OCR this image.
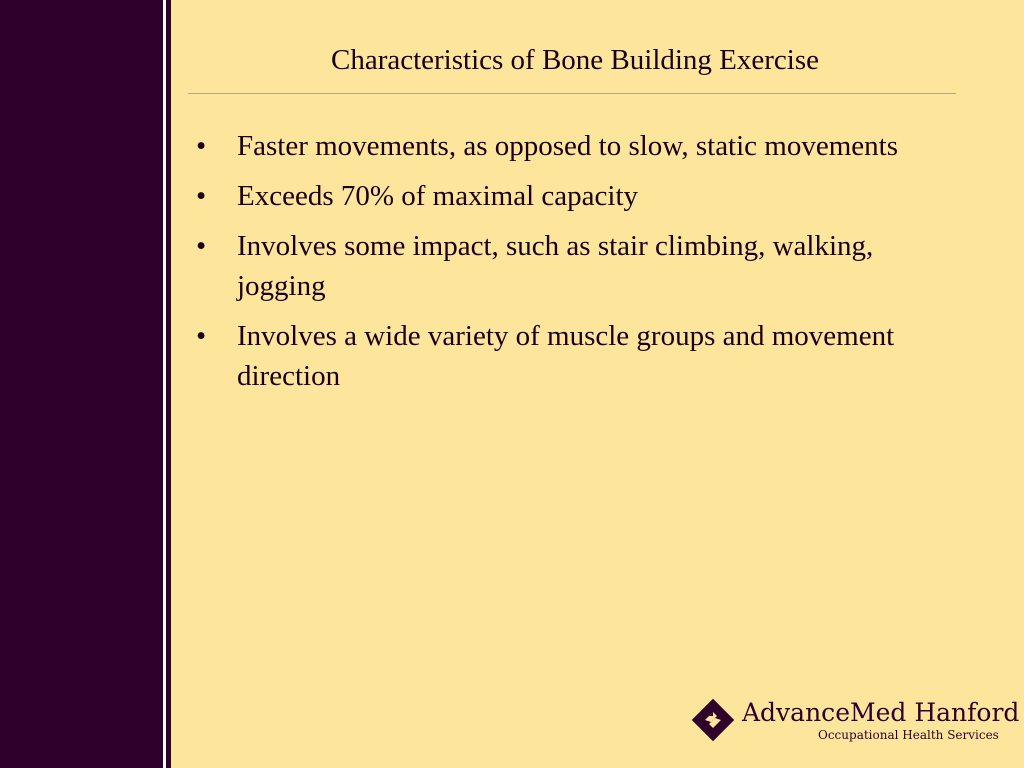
Characteristics of Bone Building Exercise
• Faster movements, as opposed to slow, static movements
• Exceeds 70% of maximal capacity
• Involves some impact, such as stair climbing, walking, jogging
• Involves a wide variety of muscle groups and movement direction
AdvanceMed Hanford
Occupational Health Services
